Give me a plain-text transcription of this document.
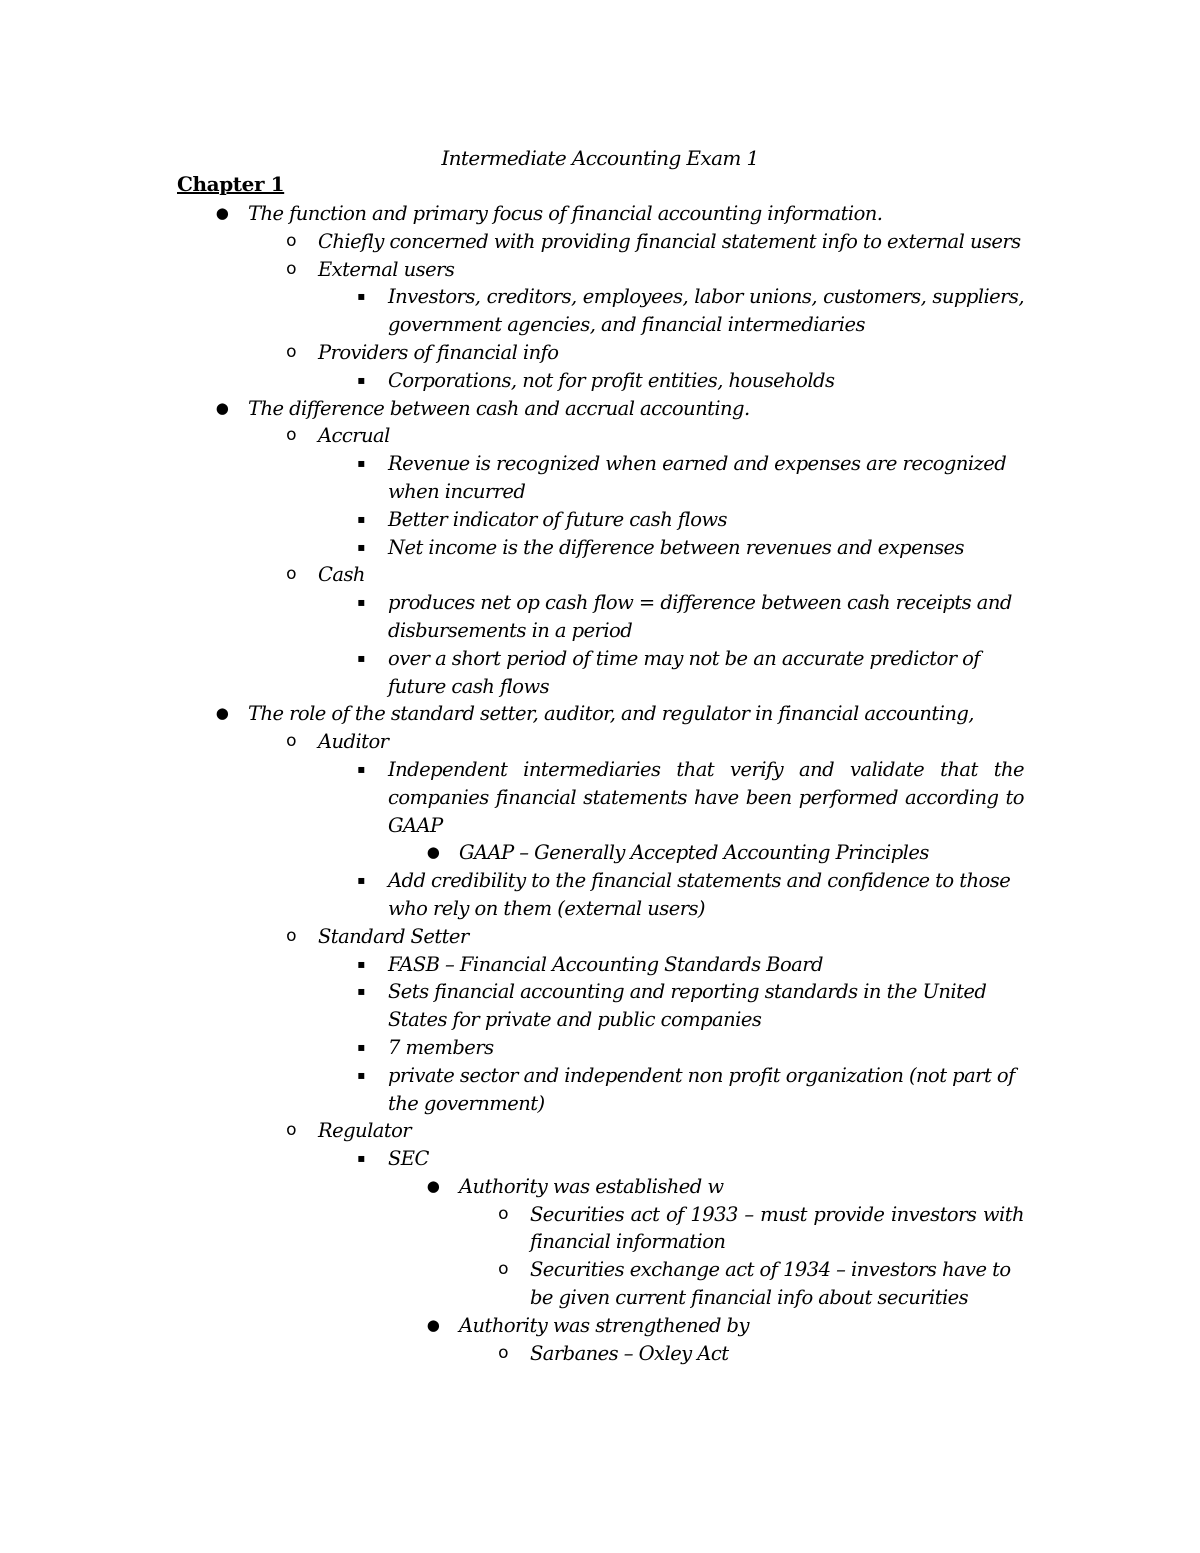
Intermediate Accounting Exam 1
Chapter 1
● The function and primary focus of financial accounting information.
o Chiefly concerned with providing financial statement info to external users
o External users
▪	Investors, creditors, employees, labor unions, customers, suppliers, government agencies, and financial intermediaries
o Providers of financial info
▪	Corporations, not for profit entities, households
● The difference between cash and accrual accounting.
o Accrual
▪	Revenue is recognized when earned and expenses are recognized when incurred
▪	Better indicator of future cash flows
▪	Net income is the difference between revenues and expenses
o Cash
▪	produces net op cash flow = difference between cash receipts and disbursements in a period
▪	over a short period of time may not be an accurate predictor of future cash flows
● The role of the standard setter, auditor, and regulator in financial accounting,
o Auditor
▪	Independent intermediaries that verify and validate that the companies financial statements have been performed according to GAAP
● GAAP – Generally Accepted Accounting Principles
▪	Add credibility to the financial statements and confidence to those who rely on them (external users)
o Standard Setter
▪	FASB – Financial Accounting Standards Board
▪	Sets financial accounting and reporting standards in the United States for private and public companies
▪	7 members
▪	private sector and independent non profit organization (not part of the government)
o Regulator
▪	SEC
● Authority was established w
o Securities act of 1933 – must provide investors with financial information
o Securities exchange act of 1934 – investors have to be given current financial info about securities
● Authority was strengthened by
o Sarbanes – Oxley Act
